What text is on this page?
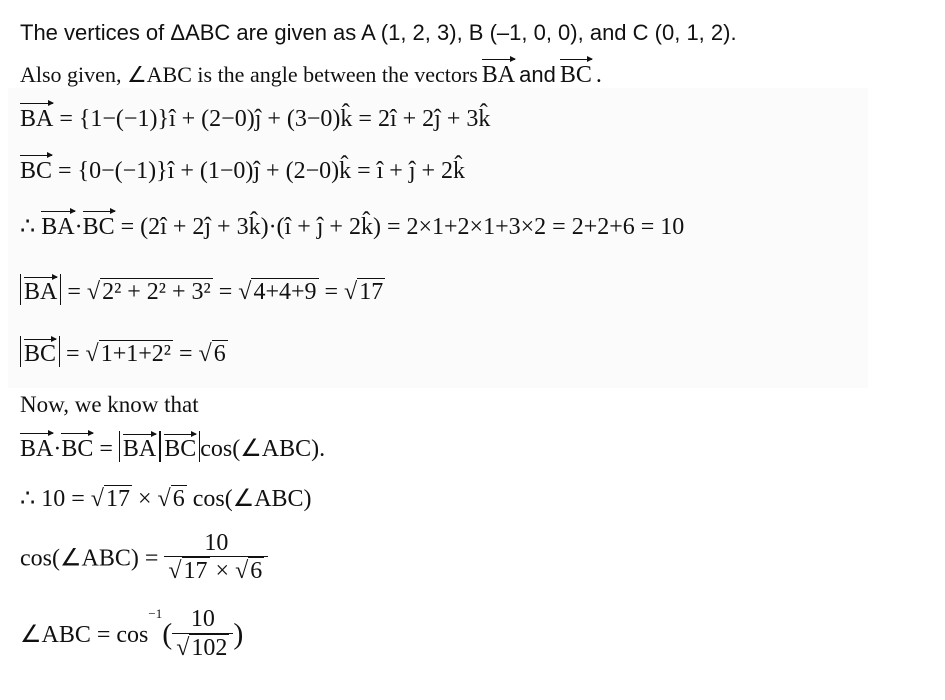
The vertices of ΔABC are given as A (1, 2, 3), B (–1, 0, 0), and C (0, 1, 2).
Also given, ∠ABC is the angle between the vectors BA and BC .
BA = {1−(−1)}î + (2−0)ĵ + (3−0)k̂ = 2î + 2ĵ + 3k̂
BC = {0−(−1)}î + (1−0)ĵ + (2−0)k̂ = î + ĵ + 2k̂
∴ BA·BC = (2î + 2ĵ + 3k̂)·(î + ĵ + 2k̂) = 2×1+2×1+3×2 = 2+2+6 = 10
BA = √2² + 2² + 3² = √4+4+9 = √17
BC = √1+1+2² = √6
Now, we know that
BA·BC = BA BC cos(∠ABC).
∴ 10 = √17 × √6 cos(∠ABC)
cos(∠ABC) = $\frac{10}{√17 \times √6}$
∠ABC = $\cos^{-1}( \frac{10}{√102}$ )
